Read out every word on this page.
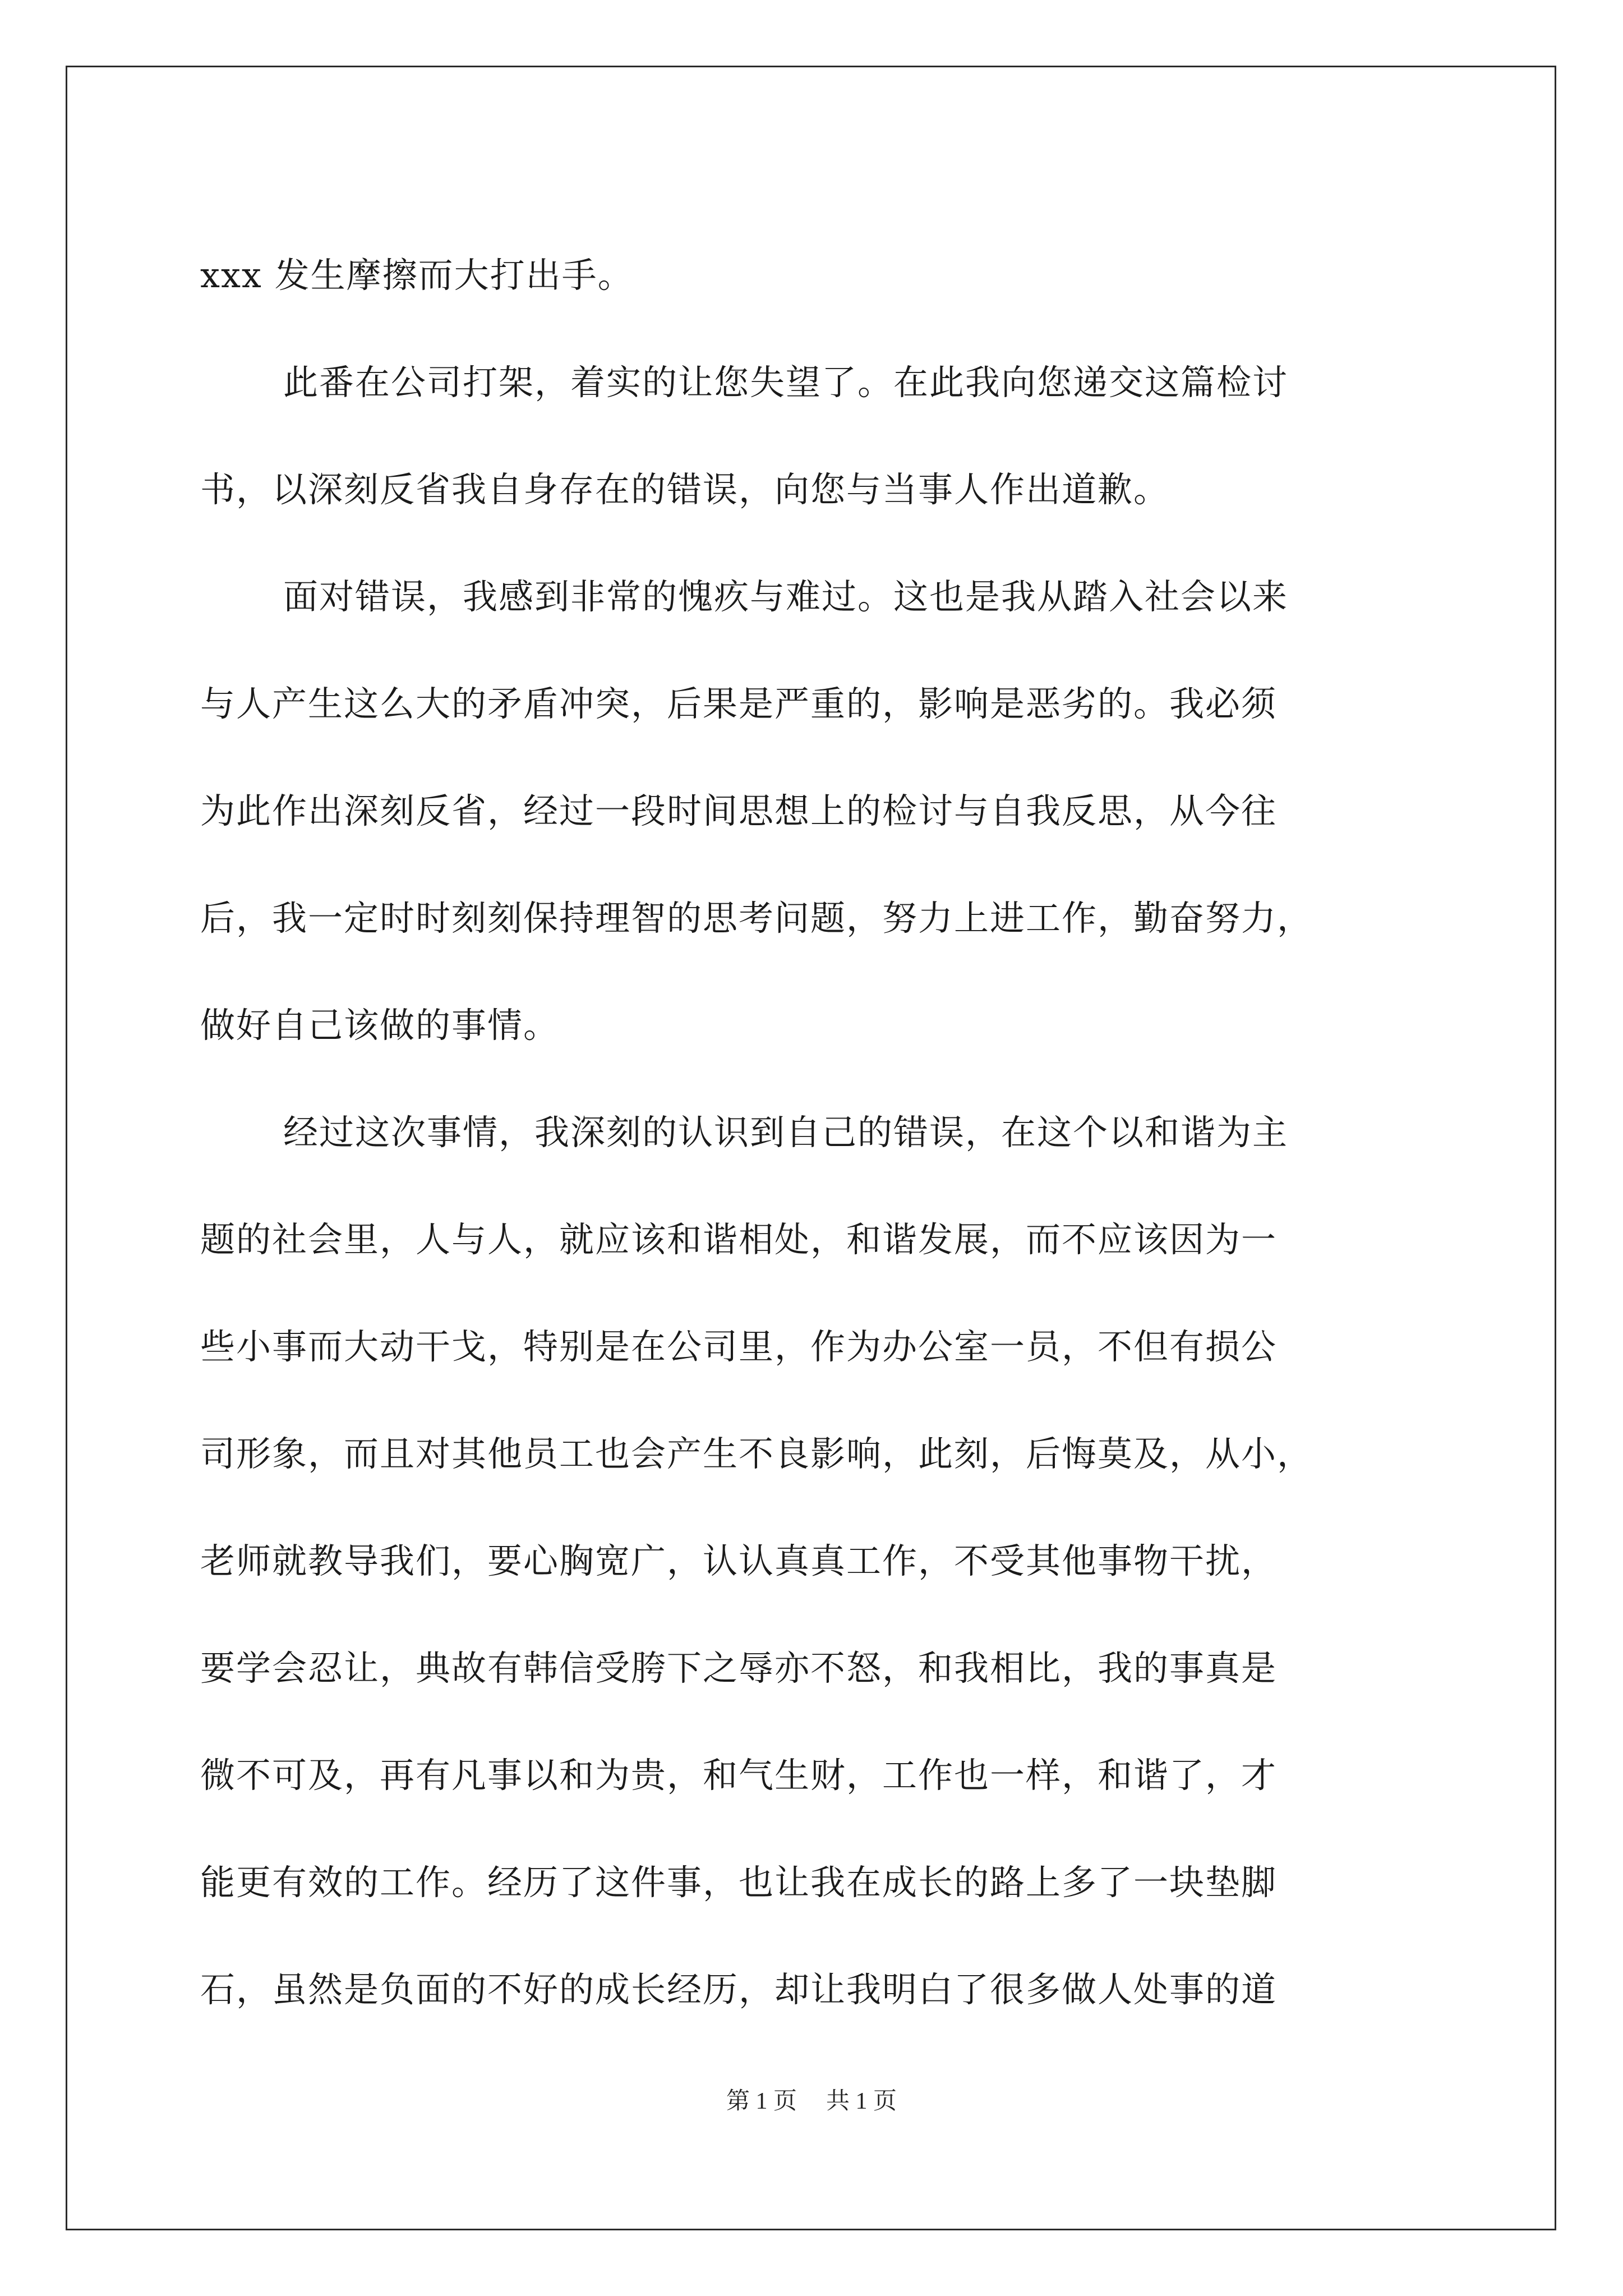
xxx 发生摩擦而大打出手。
此番在公司打架，着实的让您失望了。在此我向您递交这篇检讨
书，以深刻反省我自身存在的错误，向您与当事人作出道歉。
面对错误，我感到非常的愧疚与难过。这也是我从踏入社会以来
与人产生这么大的矛盾冲突，后果是严重的，影响是恶劣的。我必须
为此作出深刻反省，经过一段时间思想上的检讨与自我反思，从今往
后，我一定时时刻刻保持理智的思考问题，努力上进工作，勤奋努力，
做好自己该做的事情。
经过这次事情，我深刻的认识到自己的错误，在这个以和谐为主
题的社会里，人与人，就应该和谐相处，和谐发展，而不应该因为一
些小事而大动干戈，特别是在公司里，作为办公室一员，不但有损公
司形象，而且对其他员工也会产生不良影响，此刻，后悔莫及，从小，
老师就教导我们，要心胸宽广，认认真真工作，不受其他事物干扰，
要学会忍让，典故有韩信受胯下之辱亦不怒，和我相比，我的事真是
微不可及，再有凡事以和为贵，和气生财，工作也一样，和谐了，才
能更有效的工作。经历了这件事，也让我在成长的路上多了一块垫脚
石，虽然是负面的不好的成长经历，却让我明白了很多做人处事的道
第 1 页 共 1 页
